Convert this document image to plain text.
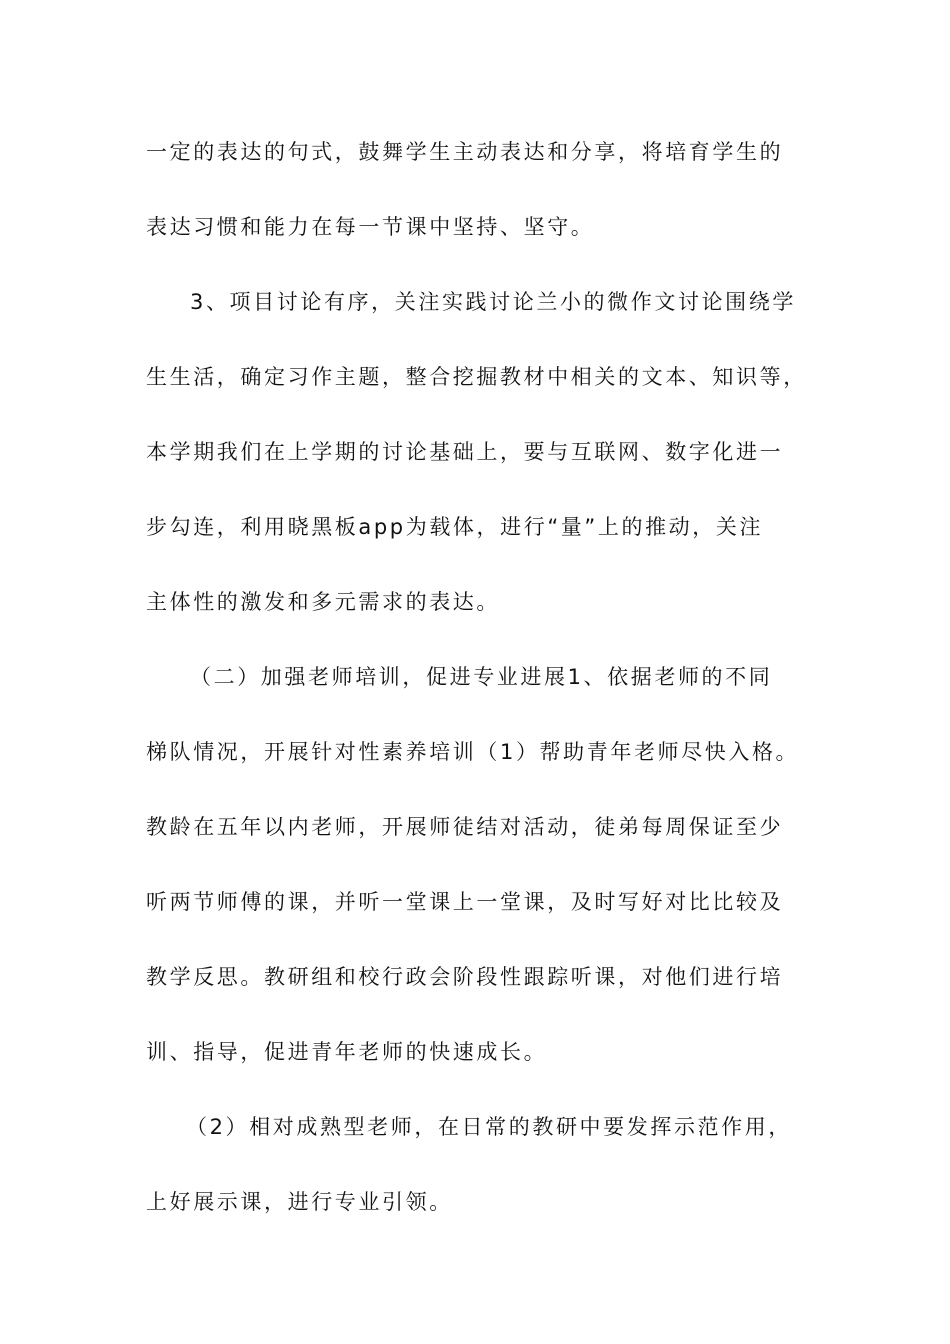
一定的表达的句式，鼓舞学生主动表达和分享，将培育学生的
表达习惯和能力在每一节课中坚持、坚守。
3、项目讨论有序，关注实践讨论兰小的微作文讨论围绕学
生生活，确定习作主题，整合挖掘教材中相关的文本、知识等，
本学期我们在上学期的讨论基础上，要与互联网、数字化进一
步勾连，利用晓黑板app为载体，进行“量”上的推动，关注
主体性的激发和多元需求的表达。
（二）加强老师培训，促进专业进展1、依据老师的不同
梯队情况，开展针对性素养培训（1）帮助青年老师尽快入格。
教龄在五年以内老师，开展师徒结对活动，徒弟每周保证至少
听两节师傅的课，并听一堂课上一堂课，及时写好对比比较及
教学反思。教研组和校行政会阶段性跟踪听课，对他们进行培
训、指导，促进青年老师的快速成长。
（2）相对成熟型老师，在日常的教研中要发挥示范作用，
上好展示课，进行专业引领。
